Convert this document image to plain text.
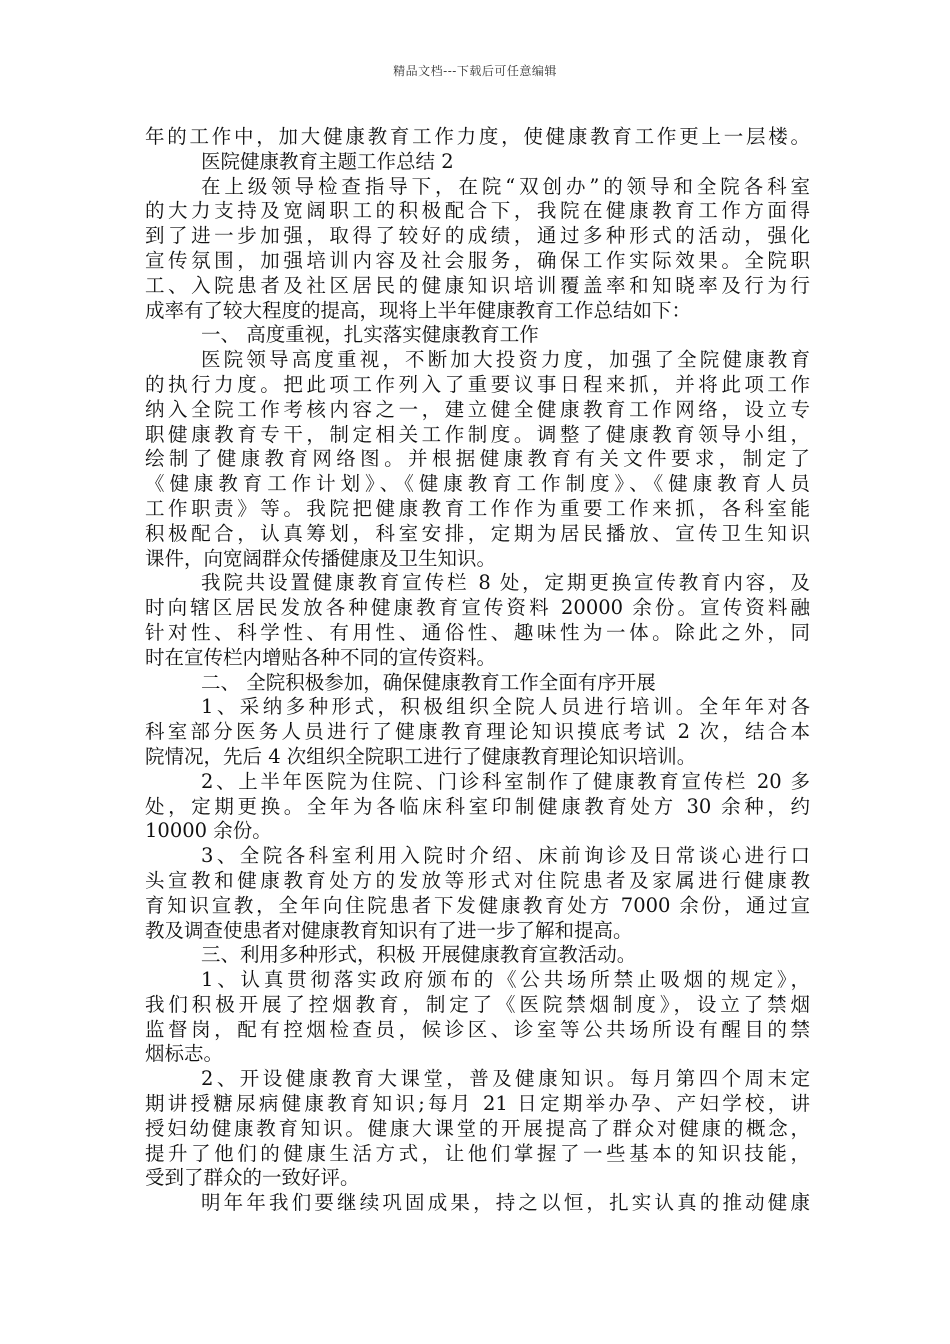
精品文档---下载后可任意编辑
年的工作中，加大健康教育工作力度，使健康教育工作更上一层楼。
医院健康教育主题工作总结 2
在上级领导检查指导下，在院“双创办”的领导和全院各科室
的大力支持及宽阔职工的积极配合下，我院在健康教育工作方面得
到了进一步加强，取得了较好的成绩，通过多种形式的活动，强化
宣传氛围，加强培训内容及社会服务，确保工作实际效果。全院职
工、入院患者及社区居民的健康知识培训覆盖率和知晓率及行为行
成率有了较大程度的提高，现将上半年健康教育工作总结如下：
一、 高度重视，扎实落实健康教育工作
医院领导高度重视，不断加大投资力度，加强了全院健康教育
的执行力度。把此项工作列入了重要议事日程来抓，并将此项工作
纳入全院工作考核内容之一，建立健全健康教育工作网络，设立专
职健康教育专干，制定相关工作制度。调整了健康教育领导小组，
绘制了健康教育网络图。并根据健康教育有关文件要求，制定了
《健康教育工作计划》、《健康教育工作制度》、《健康教育人员
工作职责》等。我院把健康教育工作作为重要工作来抓，各科室能
积极配合，认真筹划，科室安排，定期为居民播放、宣传卫生知识
课件，向宽阔群众传播健康及卫生知识。
我院共设置健康教育宣传栏 8 处，定期更换宣传教育内容，及
时向辖区居民发放各种健康教育宣传资料 20000 余份。宣传资料融
针对性、科学性、有用性、通俗性、趣味性为一体。除此之外，同
时在宣传栏内增贴各种不同的宣传资料。
二、 全院积极参加，确保健康教育工作全面有序开展
1、采纳多种形式，积极组织全院人员进行培训。全年年对各
科室部分医务人员进行了健康教育理论知识摸底考试 2 次，结合本
院情况，先后 4 次组织全院职工进行了健康教育理论知识培训。
2、上半年医院为住院、门诊科室制作了健康教育宣传栏 20 多
处，定期更换。全年为各临床科室印制健康教育处方 30 余种，约
10000 余份。
3、全院各科室利用入院时介绍、床前询诊及日常谈心进行口
头宣教和健康教育处方的发放等形式对住院患者及家属进行健康教
育知识宣教，全年向住院患者下发健康教育处方 7000 余份，通过宣
教及调查使患者对健康教育知识有了进一步了解和提高。
三、利用多种形式，积极 开展健康教育宣教活动。
1、认真贯彻落实政府颁布的《公共场所禁止吸烟的规定》，
我们积极开展了控烟教育，制定了《医院禁烟制度》，设立了禁烟
监督岗，配有控烟检查员，候诊区、诊室等公共场所设有醒目的禁
烟标志。
2、开设健康教育大课堂，普及健康知识。每月第四个周末定
期讲授糖尿病健康教育知识;每月 21 日定期举办孕、产妇学校，讲
授妇幼健康教育知识。健康大课堂的开展提高了群众对健康的概念，
提升了他们的健康生活方式，让他们掌握了一些基本的知识技能，
受到了群众的一致好评。
明年年我们要继续巩固成果，持之以恒，扎实认真的推动健康
